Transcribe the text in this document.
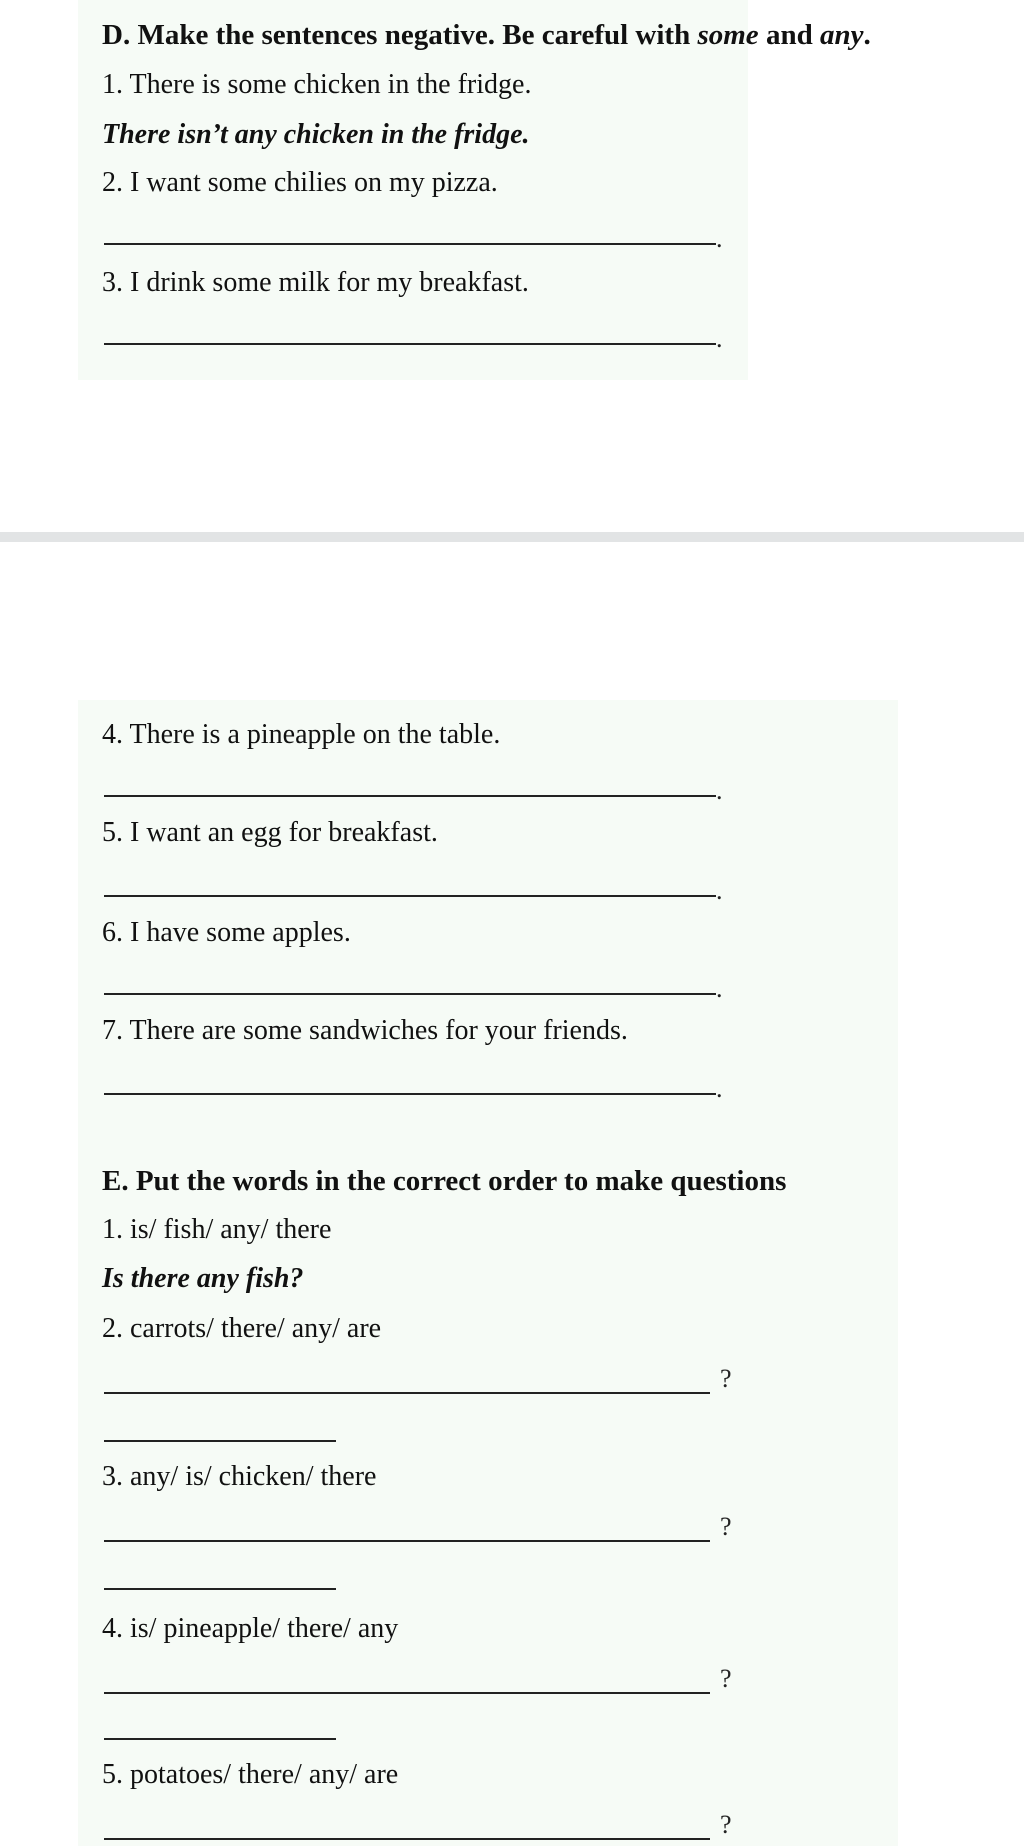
D. Make the sentences negative. Be careful with some and any.
1. There is some chicken in the fridge.
There isn’t any chicken in the fridge.
2. I want some chilies on my pizza.
.
3. I drink some milk for my breakfast.
.
4. There is a pineapple on the table.
.
5. I want an egg for breakfast.
.
6. I have some apples.
.
7. There are some sandwiches for your friends.
.
E. Put the words in the correct order to make questions
1. is/ fish/ any/ there
Is there any fish?
2. carrots/ there/ any/ are
?
3. any/ is/ chicken/ there
?
4. is/ pineapple/ there/ any
?
5. potatoes/ there/ any/ are
?
